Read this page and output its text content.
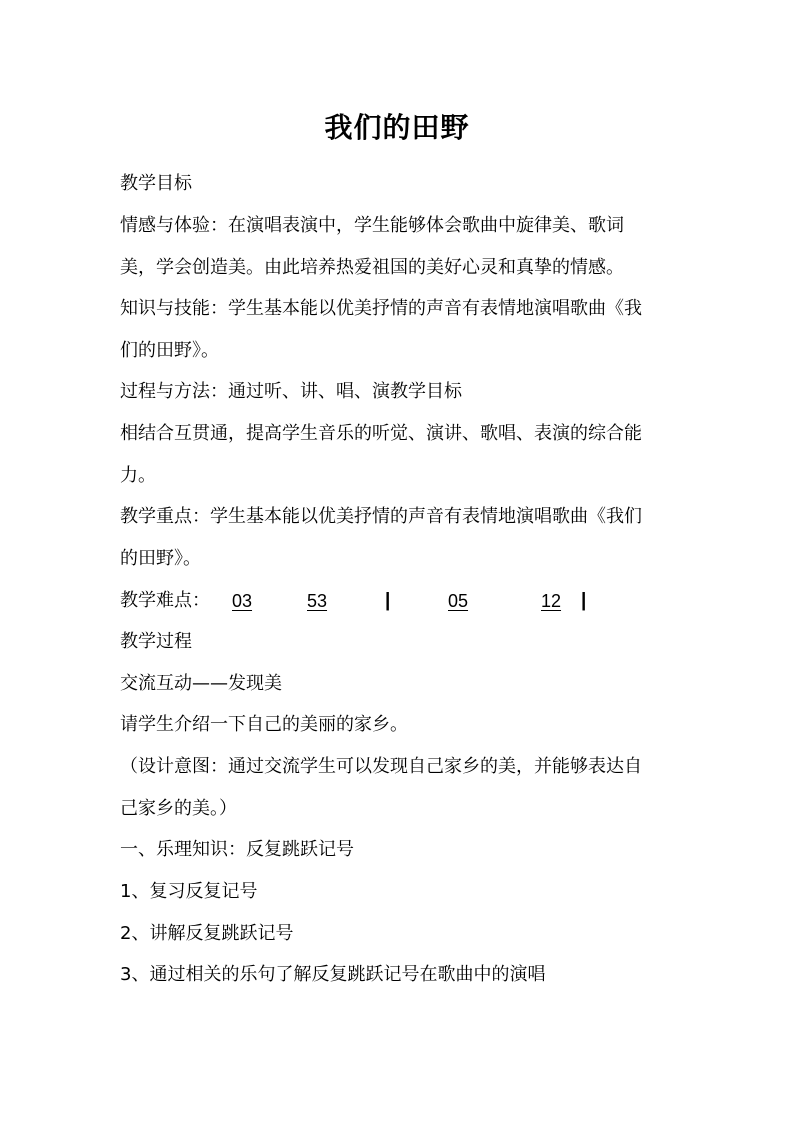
我们的田野
教学目标
情感与体验：在演唱表演中，学生能够体会歌曲中旋律美、歌词
美，学会创造美。由此培养热爱祖国的美好心灵和真挚的情感。
知识与技能：学生基本能以优美抒情的声音有表情地演唱歌曲《我
们的田野》。
过程与方法：通过听、讲、唱、演教学目标
相结合互贯通，提高学生音乐的听觉、演讲、歌唱、表演的综合能
力。
教学重点：学生基本能以优美抒情的声音有表情地演唱歌曲《我们
的田野》。
教学难点： 03	53	|	05	12 |
教学过程
交流互动——发现美
请学生介绍一下自己的美丽的家乡。
（设计意图：通过交流学生可以发现自己家乡的美，并能够表达自
己家乡的美。）
一、乐理知识：反复跳跃记号
1、复习反复记号
2、讲解反复跳跃记号
3、通过相关的乐句了解反复跳跃记号在歌曲中的演唱
